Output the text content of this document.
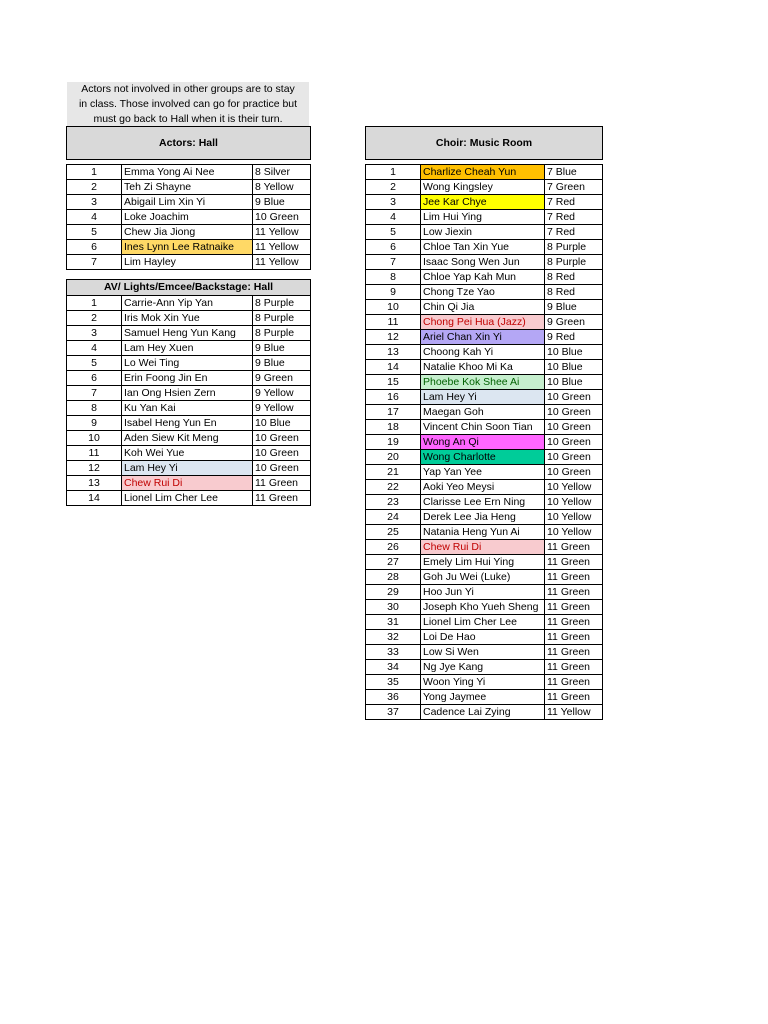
Actors not involved in other groups are to stay
in class. Those involved can go for practice but
must go back to Hall when it is their turn.
Actors: Hall		

1	Emma Yong Ai Nee	8 Silver
2	Teh Zi Shayne	8 Yellow
3	Abigail Lim Xin Yi	9 Blue
4	Loke Joachim	10 Green
5	Chew Jia Jiong	11 Yellow
6	Ines Lynn Lee Ratnaike	11 Yellow
7	Lim Hayley	11 Yellow
AV/ Lights/Emcee/Backstage: Hall		
1	Carrie-Ann Yip Yan	8 Purple
2	Iris Mok Xin Yue	8 Purple
3	Samuel Heng Yun Kang	8 Purple
4	Lam Hey Xuen	9 Blue
5	Lo Wei Ting	9 Blue
6	Erin Foong Jin En	9 Green
7	Ian Ong Hsien Zern	9 Yellow
8	Ku Yan Kai	9 Yellow
9	Isabel Heng Yun En	10 Blue
10	Aden Siew Kit Meng	10 Green
11	Koh Wei Yue	10 Green
12	Lam Hey Yi	10 Green
13	Chew Rui Di	11 Green
14	Lionel Lim Cher Lee	11 Green
Choir: Music Room		

1	Charlize Cheah Yun	7 Blue
2	Wong Kingsley	7 Green
3	Jee Kar Chye	7 Red
4	Lim Hui Ying	7 Red
5	Low Jiexin	7 Red
6	Chloe Tan Xin Yue	8 Purple
7	Isaac Song Wen Jun	8 Purple
8	Chloe Yap Kah Mun	8 Red
9	Chong Tze Yao	8 Red
10	Chin Qi Jia	9 Blue
11	Chong Pei Hua (Jazz)	9 Green
12	Ariel Chan Xin Yi	9 Red
13	Choong Kah Yi	10 Blue
14	Natalie Khoo Mi Ka	10 Blue
15	Phoebe Kok Shee Ai	10 Blue
16	Lam Hey Yi	10 Green
17	Maegan Goh	10 Green
18	Vincent Chin Soon Tian	10 Green
19	Wong An Qi	10 Green
20	Wong Charlotte	10 Green
21	Yap Yan Yee	10 Green
22	Aoki Yeo Meysi	10 Yellow
23	Clarisse Lee Ern Ning	10 Yellow
24	Derek Lee Jia Heng	10 Yellow
25	Natania Heng Yun Ai	10 Yellow
26	Chew Rui Di	11 Green
27	Emely Lim Hui Ying	11 Green
28	Goh Ju Wei (Luke)	11 Green
29	Hoo Jun Yi	11 Green
30	Joseph Kho Yueh Sheng	11 Green
31	Lionel Lim Cher Lee	11 Green
32	Loi De Hao	11 Green
33	Low Si Wen	11 Green
34	Ng Jye Kang	11 Green
35	Woon Ying Yi	11 Green
36	Yong Jaymee	11 Green
37	Cadence Lai Zying	11 Yellow
